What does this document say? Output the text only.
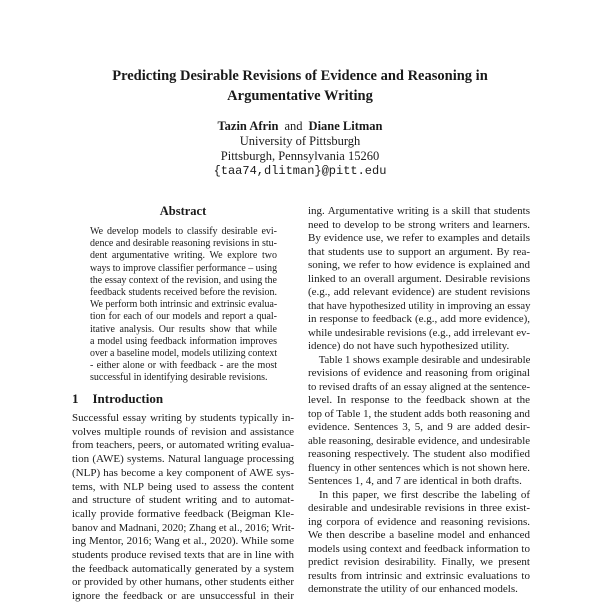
Predicting Desirable Revisions of Evidence and Reasoning in
Argumentative Writing
Tazin Afrin and Diane Litman
University of Pittsburgh
Pittsburgh, Pennsylvania 15260
{taa74,dlitman}@pitt.edu
Abstract
We develop models to classify desirable evi-
dence and desirable reasoning revisions in stu-
dent argumentative writing. We explore two
ways to improve classifier performance – using
the essay context of the revision, and using the
feedback students received before the revision.
We perform both intrinsic and extrinsic evalua-
tion for each of our models and report a qual-
itative analysis. Our results show that while
a model using feedback information improves
over a baseline model, models utilizing context
- either alone or with feedback - are the most
successful in identifying desirable revisions.
1 Introduction
Successful essay writing by students typically in-
volves multiple rounds of revision and assistance
from teachers, peers, or automated writing evalua-
tion (AWE) systems. Natural language processing
(NLP) has become a key component of AWE sys-
tems, with NLP being used to assess the content
and structure of student writing and to automat-
ically provide formative feedback (Beigman Kle-
banov and Madnani, 2020; Zhang et al., 2016; Writ-
ing Mentor, 2016; Wang et al., 2020). While some
students produce revised texts that are in line with
the feedback automatically generated by a system
or provided by other humans, other students either
ignore the feedback or are unsuccessful in their
ing. Argumentative writing is a skill that students
need to develop to be strong writers and learners.
By evidence use, we refer to examples and details
that students use to support an argument. By rea-
soning, we refer to how evidence is explained and
linked to an overall argument. Desirable revisions
(e.g., add relevant evidence) are student revisions
that have hypothesized utility in improving an essay
in response to feedback (e.g., add more evidence),
while undesirable revisions (e.g., add irrelevant ev-
idence) do not have such hypothesized utility.
Table 1 shows example desirable and undesirable
revisions of evidence and reasoning from original
to revised drafts of an essay aligned at the sentence-
level. In response to the feedback shown at the
top of Table 1, the student adds both reasoning and
evidence. Sentences 3, 5, and 9 are added desir-
able reasoning, desirable evidence, and undesirable
reasoning respectively. The student also modified
fluency in other sentences which is not shown here.
Sentences 1, 4, and 7 are identical in both drafts.
In this paper, we first describe the labeling of
desirable and undesirable revisions in three exist-
ing corpora of evidence and reasoning revisions.
We then describe a baseline model and enhanced
models using context and feedback information to
predict revision desirability. Finally, we present
results from intrinsic and extrinsic evaluations to
demonstrate the utility of our enhanced models.
